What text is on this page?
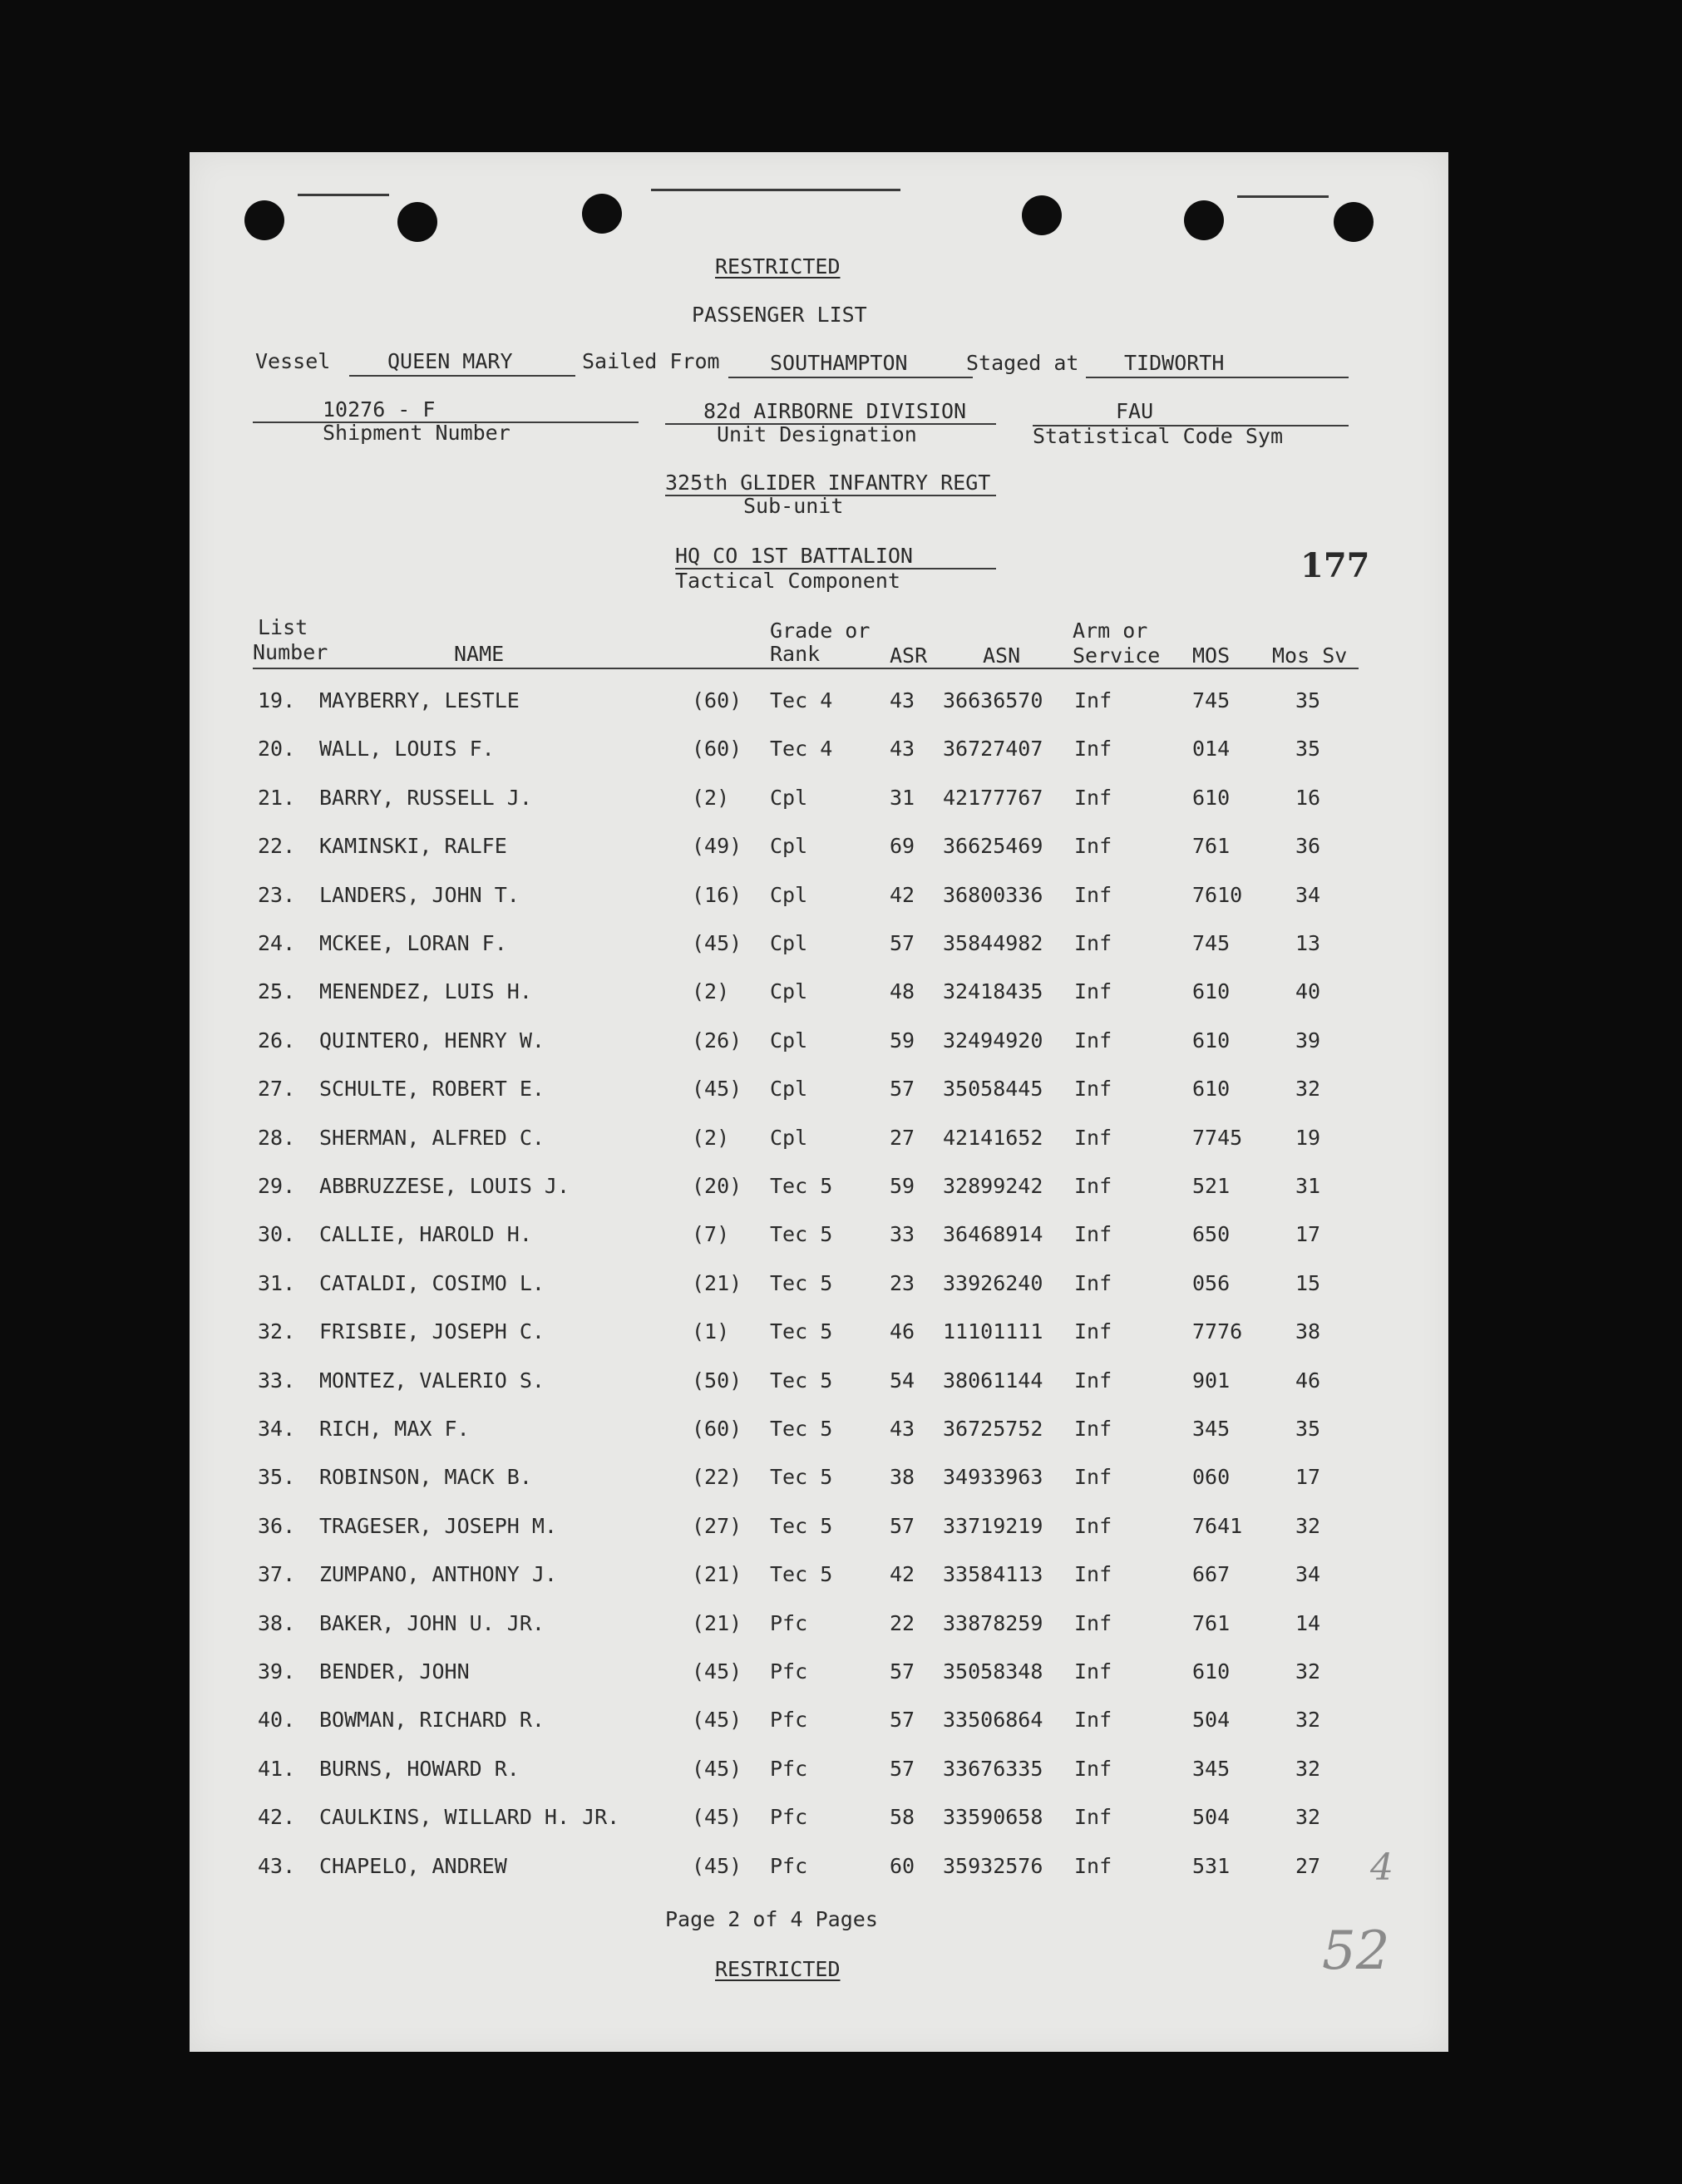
RESTRICTED
PASSENGER LIST
Vessel	QUEEN MARY	Sailed From SOUTHAMPTON	Staged at TIDWORTH
10276 - F
Shipment Number
82d AIRBORNE DIVISION
Unit Designation
FAU
Statistical Code Sym
325th GLIDER INFANTRY REGT
Sub-unit
HQ CO 1ST BATTALION
Tactical Component	177
List
Number	NAME
Grade or
Rank	ASR	ASN
Arm or
Service MOS Mos Sv
19. MAYBERRY, LESTLE	(60) Tec 4	43 36636570 Inf	745	35
20. WALL, LOUIS F.	(60) Tec 4	43 36727407 Inf	014	35
21. BARRY, RUSSELL J.	(2) Cpl	31 42177767 Inf	610	16
22. KAMINSKI, RALFE	(49) Cpl	69 36625469 Inf	761	36
23. LANDERS, JOHN T.	(16) Cpl	42 36800336 Inf	7610	34
24. MCKEE, LORAN F.	(45) Cpl	57 35844982 Inf	745	13
25. MENENDEZ, LUIS H.	(2) Cpl	48 32418435 Inf	610	40
26. QUINTERO, HENRY W.	(26) Cpl	59 32494920 Inf	610	39
27. SCHULTE, ROBERT E.	(45) Cpl	57 35058445 Inf	610	32
28. SHERMAN, ALFRED C.	(2) Cpl	27 42141652 Inf	7745	19
29. ABBRUZZESE, LOUIS J.	(20) Tec 5	59 32899242 Inf	521	31
30. CALLIE, HAROLD H.	(7) Tec 5	33 36468914 Inf	650	17
31. CATALDI, COSIMO L.	(21) Tec 5	23 33926240 Inf	056	15
32. FRISBIE, JOSEPH C.	(1) Tec 5	46 11101111 Inf	7776	38
33. MONTEZ, VALERIO S.	(50) Tec 5	54 38061144 Inf	901	46
34. RICH, MAX F.	(60) Tec 5	43 36725752 Inf	345	35
35. ROBINSON, MACK B.	(22) Tec 5	38 34933963 Inf	060	17
36. TRAGESER, JOSEPH M.	(27) Tec 5	57 33719219 Inf	7641	32
37. ZUMPANO, ANTHONY J.	(21) Tec 5	42 33584113 Inf	667	34
38. BAKER, JOHN U. JR.	(21) Pfc	22 33878259 Inf	761	14
39. BENDER, JOHN	(45) Pfc	57 35058348 Inf	610	32
40. BOWMAN, RICHARD R.	(45) Pfc	57 33506864 Inf	504	32
41. BURNS, HOWARD R.	(45) Pfc	57 33676335 Inf	345	32
42. CAULKINS, WILLARD H. JR.	(45) Pfc	58 33590658 Inf	504	32
43. CHAPELO, ANDREW	(45) Pfc	60 35932576 Inf	531	27
Page 2 of 4 Pages
RESTRICTED
4
52
